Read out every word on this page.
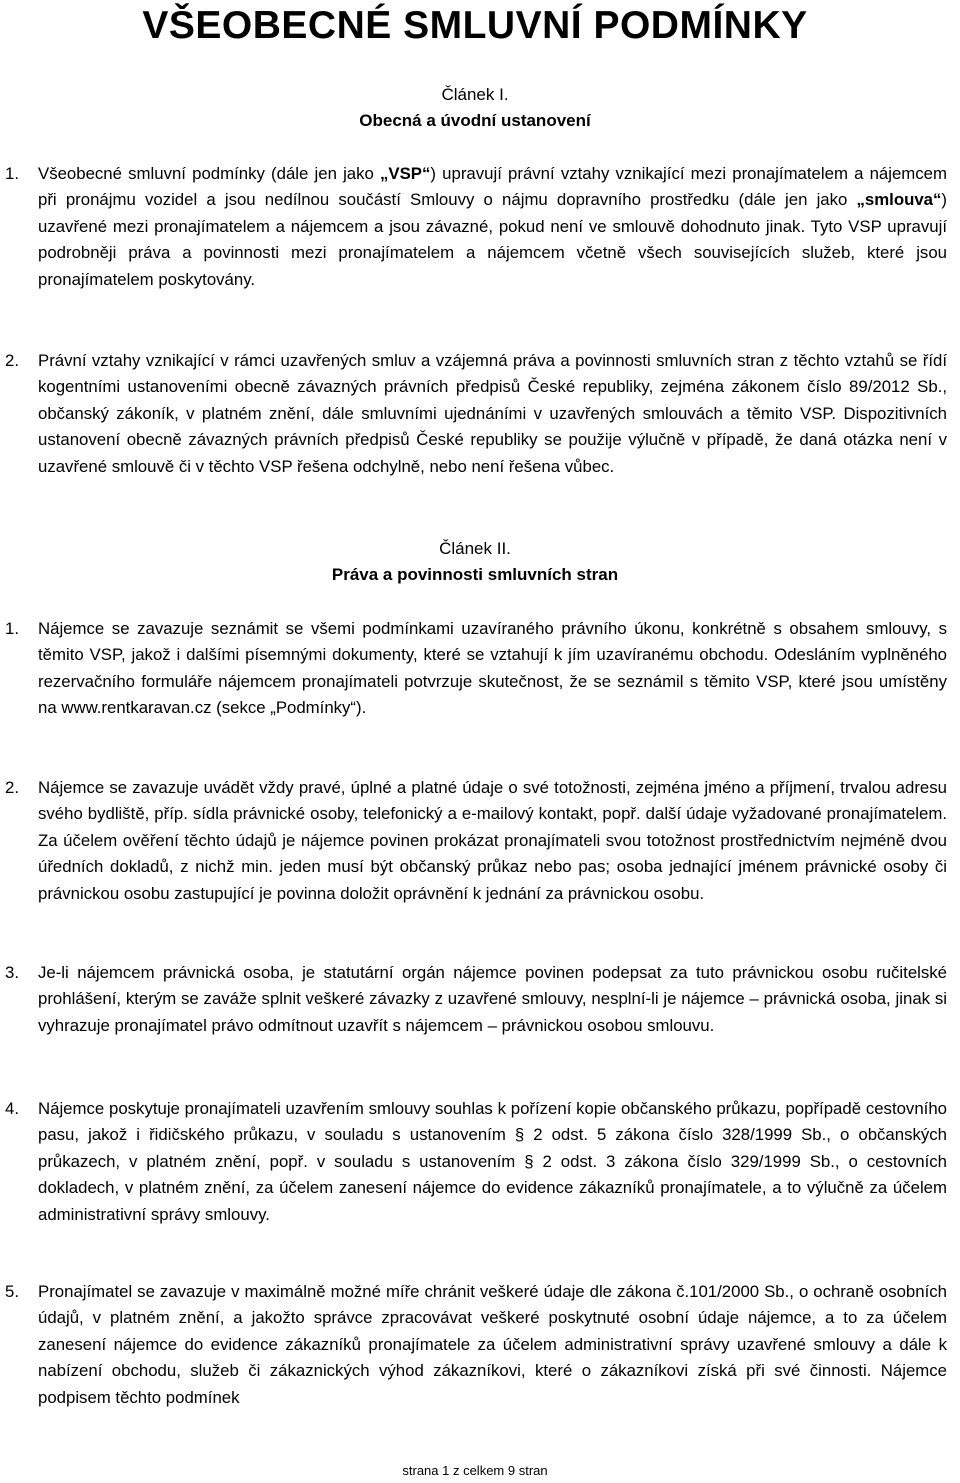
VŠEOBECNÉ SMLUVNÍ PODMÍNKY
Článek I.
Obecná a úvodní ustanovení
1. Všeobecné smluvní podmínky (dále jen jako „VSP“) upravují právní vztahy vznikající mezi pronajímatelem a nájemcem při pronájmu vozidel a jsou nedílnou součástí Smlouvy o nájmu dopravního prostředku (dále jen jako „smlouva“) uzavřené mezi pronajímatelem a nájemcem a jsou závazné, pokud není ve smlouvě dohodnuto jinak. Tyto VSP upravují podrobněji práva a povinnosti mezi pronajímatelem a nájemcem včetně všech souvisejících služeb, které jsou pronajímatelem poskytovány.
2. Právní vztahy vznikající v rámci uzavřených smluv a vzájemná práva a povinnosti smluvních stran z těchto vztahů se řídí kogentními ustanoveními obecně závazných právních předpisů České republiky, zejména zákonem číslo 89/2012 Sb., občanský zákoník, v platném znění, dále smluvními ujednáními v uzavřených smlouvách a těmito VSP. Dispozitivních ustanovení obecně závazných právních předpisů České republiky se použije výlučně v případě, že daná otázka není v uzavřené smlouvě či v těchto VSP řešena odchylně, nebo není řešena vůbec.
Článek II.
Práva a povinnosti smluvních stran
1. Nájemce se zavazuje seznámit se všemi podmínkami uzavíraného právního úkonu, konkrétně s obsahem smlouvy, s těmito VSP, jakož i dalšími písemnými dokumenty, které se vztahují k jím uzavíranému obchodu. Odesláním vyplněného rezervačního formuláře nájemcem pronajímateli potvrzuje skutečnost, že se seznámil s těmito VSP, které jsou umístěny na www.rentkaravan.cz (sekce „Podmínky“).
2. Nájemce se zavazuje uvádět vždy pravé, úplné a platné údaje o své totožnosti, zejména jméno a příjmení, trvalou adresu svého bydliště, příp. sídla právnické osoby, telefonický a e-mailový kontakt, popř. další údaje vyžadované pronajímatelem. Za účelem ověření těchto údajů je nájemce povinen prokázat pronajímateli svou totožnost prostřednictvím nejméně dvou úředních dokladů, z nichž min. jeden musí být občanský průkaz nebo pas; osoba jednající jménem právnické osoby či právnickou osobu zastupující je povinna doložit oprávnění k jednání za právnickou osobu.
3. Je-li nájemcem právnická osoba, je statutární orgán nájemce povinen podepsat za tuto právnickou osobu ručitelské prohlášení, kterým se zaváže splnit veškeré závazky z uzavřené smlouvy, nesplní-li je nájemce – právnická osoba, jinak si vyhrazuje pronajímatel právo odmítnout uzavřít s nájemcem – právnickou osobou smlouvu.
4. Nájemce poskytuje pronajímateli uzavřením smlouvy souhlas k pořízení kopie občanského průkazu, popřípadě cestovního pasu, jakož i řidičského průkazu, v souladu s ustanovením § 2 odst. 5 zákona číslo 328/1999 Sb., o občanských průkazech, v platném znění, popř. v souladu s ustanovením § 2 odst. 3 zákona číslo 329/1999 Sb., o cestovních dokladech, v platném znění, za účelem zanesení nájemce do evidence zákazníků pronajímatele, a to výlučně za účelem administrativní správy smlouvy.
5. Pronajímatel se zavazuje v maximálně možné míře chránit veškeré údaje dle zákona č.101/2000 Sb., o ochraně osobních údajů, v platném znění, a jakožto správce zpracovávat veškeré poskytnuté osobní údaje nájemce, a to za účelem zanesení nájemce do evidence zákazníků pronajímatele za účelem administrativní správy uzavřené smlouvy a dále k nabízení obchodu, služeb či zákaznických výhod zákazníkovi, které o zákazníkovi získá při své činnosti. Nájemce podpisem těchto podmínek
strana 1 z celkem 9 stran
